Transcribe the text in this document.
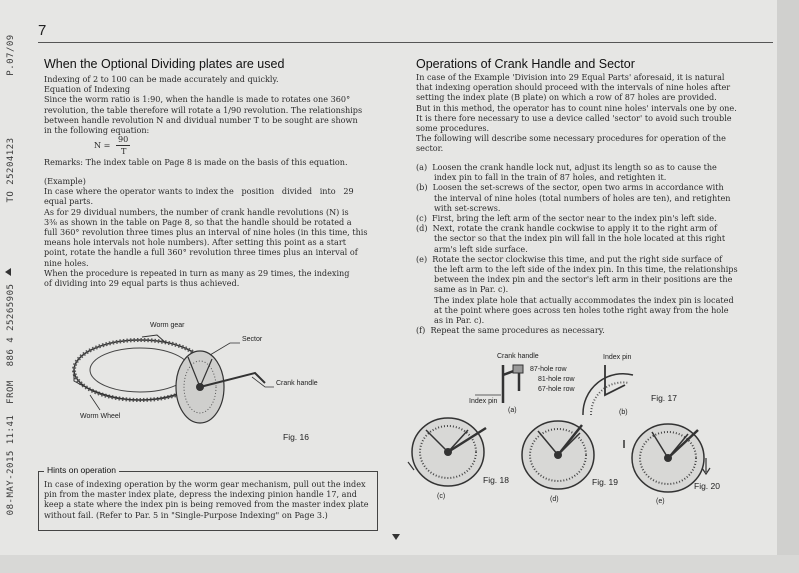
P.07/09
TO 25204123
886 4 25265905
FROM
08-MAY-2015 11:41
7
When the Optional Dividing plates are used
Indexing of 2 to 100 can be made accurately and quickly.
Equation of Indexing
Since the worm ratio is 1:90, when the handle is made to rotates one 360°
revolution, the table therefore will rotate a 1/90 revolution. The relationships
between handle revolution N and dividual number T to be sought are shown
in the following equation:
N =
90
T
Remarks: The index table on Page 8 is made on the basis of this equation.
(Example)
In case where the operator wants to index the   position   divided   into   29
equal parts.
As for 29 dividual numbers, the number of crank handle revolutions (N) is
3⅜ as shown in the table on Page 8, so that the handle should be rotated a
full 360° revolution three times plus an interval of nine holes (in this time, this
means hole intervals not hole numbers). After setting this point as a start
point, rotate the handle a full 360° revolution three times plus an interval of
nine holes.
When the procedure is repeated in turn as many as 29 times, the indexing
of dividing into 29 equal parts is thus achieved.
Worm gear
Sector
Crank handle
Worm Wheel
Fig. 16
Hints on operation
In case of indexing operation by the worm gear mechanism, pull out the index
pin from the master index plate, depress the indexing pinion handle 17, and
keep a state where the index pin is being removed from the master index plate
without fail. (Refer to Par. 5 in "Single-Purpose Indexing" on Page 3.)
Operations of Crank Handle and Sector
In case of the Example 'Division into 29 Equal Parts' aforesaid, it is natural
that indexing operation should proceed with the intervals of nine holes after
setting the index plate (B plate) on which a row of 87 holes are provided.
But in this method, the operator has to count nine holes' intervals one by one.
It is there fore necessary to use a device called 'sector' to avoid such trouble
some procedures.
The following will describe some necessary procedures for operation of the
sector.
(a)  Loosen the crank handle lock nut, adjust its length so as to cause the
index pin to fall in the train of 87 holes, and retighten it.
(b)  Loosen the set-screws of the sector, open two arms in accordance with
the interval of nine holes (total numbers of holes are ten), and retighten
with set-screws.
(c)  First, bring the left arm of the sector near to the index pin's left side.
(d)  Next, rotate the crank handle cockwise to apply it to the right arm of
the sector so that the index pin will fall in the hole located at this right
arm's left side surface.
(e)  Rotate the sector clockwise this time, and put the right side surface of
the left arm to the left side of the index pin. In this time, the relationships
between the index pin and the sector's left arm in their positions are the
same as in Par. c).
The index plate hole that actually accommodates the index pin is located
at the point where goes across ten holes tothe right away from the hole
as in Par. c).
(f)  Repeat the same procedures as necessary.
Crank handle	Index pin
87-hole row
81-hole row
67-hole row
Index pin
(a)	(b)
Fig. 17
Fig. 18
(c)
Fig. 19
(d)
Fig. 20
(e)
